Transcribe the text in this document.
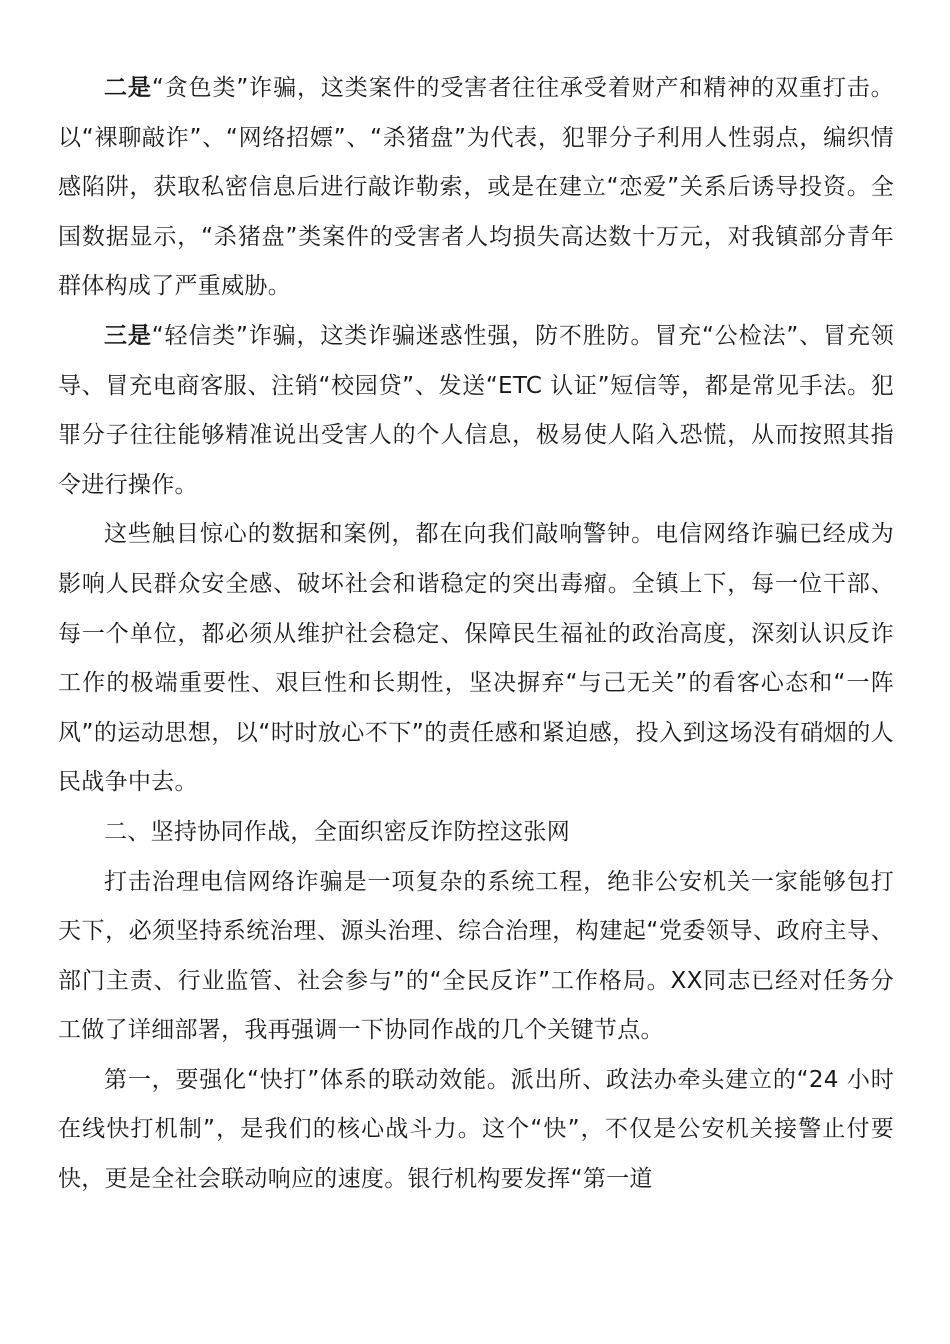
二是“贪色类”诈骗，这类案件的受害者往往承受着财产和精神的双重打击。以“裸聊敲诈”、“网络招嫖”、“杀猪盘”为代表，犯罪分子利用人性弱点，编织情感陷阱，获取私密信息后进行敲诈勒索，或是在建立“恋爱”关系后诱导投资。全国数据显示，“杀猪盘”类案件的受害者人均损失高达数十万元，对我镇部分青年群体构成了严重威胁。

三是“轻信类”诈骗，这类诈骗迷惑性强，防不胜防。冒充“公检法”、冒充领导、冒充电商客服、注销“校园贷”、发送“ETC 认证”短信等，都是常见手法。犯罪分子往往能够精准说出受害人的个人信息，极易使人陷入恐慌，从而按照其指令进行操作。

这些触目惊心的数据和案例，都在向我们敲响警钟。电信网络诈骗已经成为影响人民群众安全感、破坏社会和谐稳定的突出毒瘤。全镇上下，每一位干部、每一个单位，都必须从维护社会稳定、保障民生福祉的政治高度，深刻认识反诈工作的极端重要性、艰巨性和长期性，坚决摒弃“与己无关”的看客心态和“一阵风”的运动思想，以“时时放心不下”的责任感和紧迫感，投入到这场没有硝烟的人民战争中去。

二、坚持协同作战，全面织密反诈防控这张网

打击治理电信网络诈骗是一项复杂的系统工程，绝非公安机关一家能够包打天下，必须坚持系统治理、源头治理、综合治理，构建起“党委领导、政府主导、部门主责、行业监管、社会参与”的“全民反诈”工作格局。XX同志已经对任务分工做了详细部署，我再强调一下协同作战的几个关键节点。

第一，要强化“快打”体系的联动效能。派出所、政法办牵头建立的“24 小时在线快打机制”，是我们的核心战斗力。这个“快”，不仅是公安机关接警止付要快，更是全社会联动响应的速度。银行机构要发挥“第一道
